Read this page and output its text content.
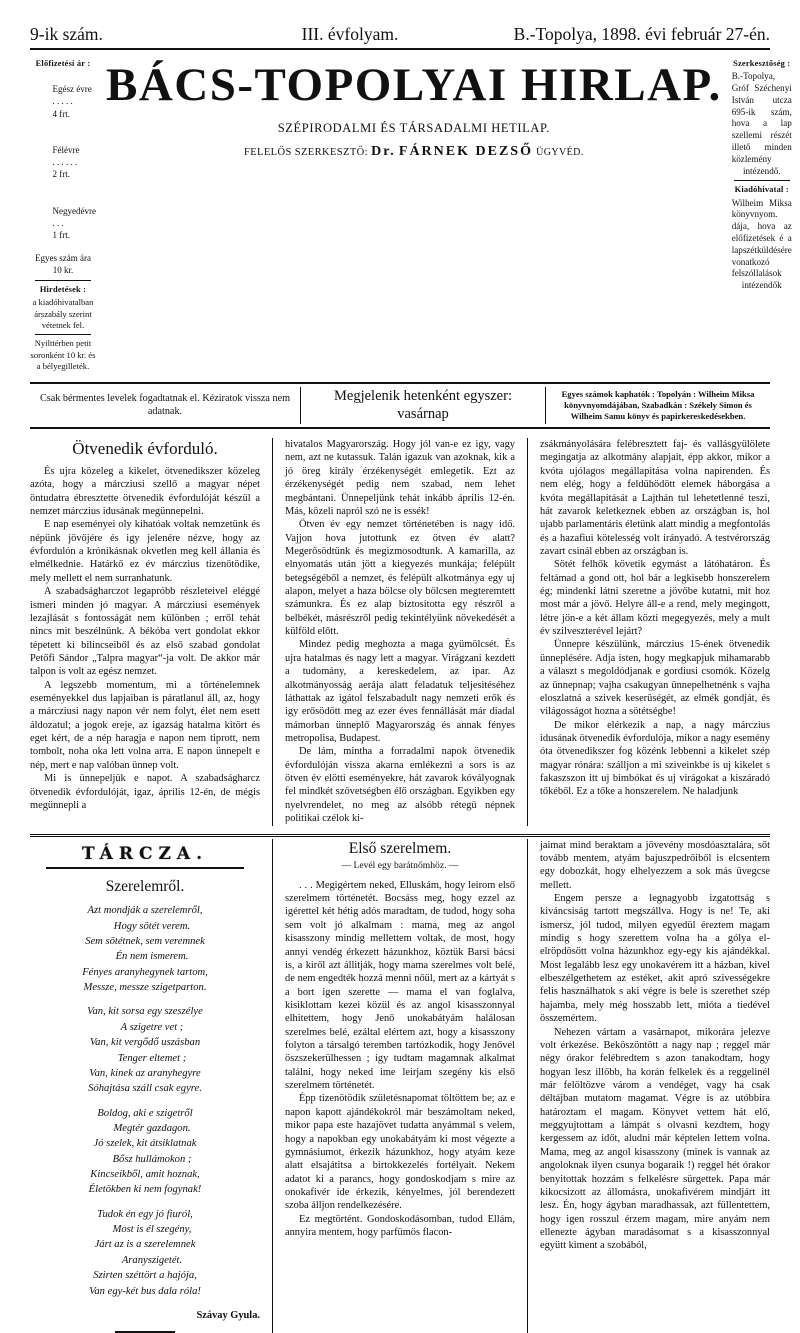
9-ik szám.	III. évfolyam.	B.-Topolya, 1898. évi február 27-én.
Előfizetési ár :

Egész évre
. . . . .
4 frt.

Félévre
. . . . . .
2 frt.

Negyedévre
. . .
1 frt.

Egyes szám ára 10 kr.
Hirdetések :
a kiadóhivatalban árszabály szerint vétetnek fel.
Nyilttérben petit soronként 10 kr. és a bélyegilleték.
BÁCS-TOPOLYAI HIRLAP.
SZÉPIRODALMI ÉS TÁRSADALMI HETILAP.
FELELŐS SZERKESZTŐ: Dr. FÁRNEK DEZSŐ ÜGYVÉD.
Szerkesztőség :
B.-Topolya, Gróf Széchenyi István utcza 695-ik szám, hova a lap szellemi részét illető minden közlemény intézendő.
Kiadóhivatal :
Wilheim Miksa könyvnyom. dája, hova az előfizetések é a lapszétküldésére vonatkozó felszóllalások intézendők
Csak bérmentes levelek fogadtatnak el. Kéziratok vissza nem adatnak.
Megjelenik hetenként egyszer:
vasárnap
Egyes számok kaphatók : Topolyán : Wilheim Miksa könyvnyomdájában, Szabadkán : Székely Simon és Wilheim Samu könyv és papirkereskedésekben.
Ötvenedik évforduló.

És ujra közeleg a kikelet, ötvenedikszer közeleg azóta, hogy a márcziusi szellő a magyar népet öntudatra ébresztette ötvenedik évfordulóját készül a nemzet márczius idusának megünnepelni.

E nap eseményei oly kihatóak voltak nemzetünk és népünk jövőjére és igy jelenére nézve, hogy az évfordulón a krónikásnak okvetlen meg kell állania és elmélkednie. Határkő ez év márczius tizenötödike, mely mellett el nem surranhatunk.

A szabadságharczot legapróbb részleteivel eléggé ismeri minden jó magyar. A márcziusi események lezajlását s fontosságát nem különben ; erről tehát nincs mit beszélnünk. A békóba vert gondolat ekkor tépetett ki bilincseiből és az első szabad gondolat Petőfi Sándor „Talpra magyar“-ja volt. De akkor már talpon is volt az egész nemzet.

A legszebb momentum, mi a történelemnek eseményekkel dus lapjaiban is páratlanul áll, az, hogy a márcziusi nagy napon vér nem folyt, élet nem esett áldozatul; a jogok ereje, az igazság hatalma kitört és eget kért, de a nép haragja e napon nem tiprott, nem tombolt, noha oka lett volna arra. E napon ünnepelt e nép, mert e nap valóban ünnep volt.

Mi is ünnepeljük e napot. A szabadságharcz ötvenedik évfordulóját, igaz, április 12-én, de mégis megünnepli a

hivatalos Magyarország. Hogy jól van-e ez igy, vagy nem, azt ne kutassuk. Talán igazuk van azoknak, kik a jó öreg király érzékenységét emlegetik. Ezt az érzékenységét pedig nem szabad, nem lehet megbántani. Ünnepeljünk tehát inkább április 12-én. Más, közeli napról szó ne is essék!

Ötven év egy nemzet történetében is nagy idő. Vajjon hova jutottunk ez ötven év alatt? Megerősödtünk és megizmosodtunk. A kamarilla, az elnyomatás után jött a kiegyezés munkája; felépült betegségéből a nemzet, és felépült alkotmánya egy uj alapon, melyet a haza bölcse oly bölcsen megteremtett számunkra. És ez alap biztositotta egy részről a belbékét, másrészről pedig tekintélyünk növekedését a külföld előtt.

Mindez pedig meghozta a maga gyümölcsét. És ujra hatalmas és nagy lett a magyar. Virágzani kezdett a tudomány, a kereskedelem, az ipar. Az alkotmányosság aerája alatt feladatuk teljesitéséhez láthattak az igátol felszabadult nagy nemzeti erők és igy erősödött meg az ezer éves fennállását már diadal mámorban ünneplő Magyarország és annak fényes metropolisa, Budapest.

De lám, mintha a forradalmi napok ötvenedik évfordulóján vissza akarna emlékezni a sors is az ötven év elötti eseményekre, hát zavarok kóvályognak fel mindkét szövetségben élő országban. Egyikben egy nyelvrendelet, no meg az alsóbb rétegü népnek politikai czélok ki-

zsákmányolására felébresztett faj- és vallásgyülölete megingatja az alkotmány alapjait, épp akkor, mikor a kvóta ujólagos megállapitása volna napirenden. És nem elég, hogy a feldühödött elemek háborgása a kvóta megállapitását a Lajthán tul lehetetlenné teszi, hát zavarok keletkeznek ebben az országban is, hol ujabb parlamentáris életünk alatt mindig a megfontolás és a hazafiui kötelesség volt irányadó. A testvérország zavart csinál ebben az országban is.

Sötét felhők követik egymást a látóhatáron. És feltámad a gond ott, hol bár a legkisebb honszerelem ég; mindenki látni szeretne a jövőbe kutatni, mit hoz most már a jövő. Helyre áll-e a rend, mely megingott, létre jön-e a két állam közti megegyezés, mely a mult év szilveszterével lejárt?

Ünnepre készülünk, márczius 15-ének ötvenedik ünneplésére. Adja isten, hogy megkapjuk mihamarabb a választ s megoldódjanak e gordiusi csomók. Közelg az ünnepnap; vajha csakugyan ünnepelhetnénk s vajha eloszlatná a szivek keserüségét, az elmék gondját, és világosságot hozna a sötétségbe!

De mikor elérkezik a nap, a nagy márczius idusának ötvenedik évfordulója, mikor a nagy esemény óta ötvenedikszer fog közénk lebbenni a kikelet szép magyar rónára: szálljon a mi sziveinkbe is uj kikelet s fakaszszon itt uj bimbókat és uj virágokat a kiszáradó tőkéből. Ez a tőke a honszerelem. Ne haladjunk

TÁRCZA.
Szerelemről.
Azt mondják a szerelemről,
Hogy sötét verem.
Sem sötétnek, sem veremnek
Én nem ismerem.
Fényes aranyhegynek tartom,
Messze, messze szigetparton.
Van, kit sorsa egy szeszélye
A szigetre vet ;
Van, kit vergődő uszásban
Tenger eltemet ;
Van, kinek az aranyhegyre
Sóhajtása száll csak egyre.
Boldog, aki e szigetről
Megtér gazdagon.
Jó szelek, kit átsiklatnak
Bősz hullámokon ;
Kincseikből, amit hoznak,
Életökben ki nem fogynak!
Tudok én egy jó fiuról,
Most is él szegény,
Járt az is a szerelemnek
Aranyszigetét.
Szirten széttört a hajója,
Van egy-két bus dala róla!
Szávay Gyula.
Első szerelmem.
— Levél egy barátnőmhöz. —

. . . Megigértem neked, Elluskám, hogy leirom első szerelmem történetét. Bocsáss meg, hogy ezzel az igérettel két hétig adós maradtam, de tudod, hogy soha sem volt jó alkalmam : mama, meg az angol kisasszony mindig mellettem voltak, de most, hogy annyi vendég érkezett házunkhoz, köztük Barsi bácsi is, a kiről azt állitják, hogy mama szerelmes volt belé, de nem engedték hozzá menni nőül, mert az a kártyát s a bort igen szerette — mama el van foglalva, kisiklottam kezei közül és az angol kisasszonnyal elhitettem, hogy Jenő unokabátyám halálosan szerelmes belé, ezáltal elértem azt, hogy a kisasszony folyton a társalgó teremben tartózkodik, hogy Jenővel öszszekerülhessen ; igy tudtam magamnak alkalmat találni, hogy neked ime leirjam szegény kis első szerelmem történetét.

Épp tizenötödik születésnapomat töltöttem be; az e napon kapott ajándékokról már beszámoltam neked, mikor papa este hazajövet tudatta anyámmal s velem, hogy a napokban egy unokabátyám ki most végezte a gymnásiumot, érkezik házunkhoz, hogy atyám keze alatt elsajátitsa a birtokkezelés fortélyait. Nekem adatot ki a parancs, hogy gondoskodjam s mire az onokafivér ide érkezik, kényelmes, jól berendezett szoba álljon rendelkezésére.

Ez megtörtént. Gondoskodásomban, tudod Ellám, annyira mentem, hogy parfümös flacon-

jaimat mind beraktam a jövevény mosdóasztalára, sőt tovább mentem, atyám bajuszpedrőiből is elcsentem egy dobozkát, hogy elhelyezzem a sok más üvegcse mellett.

Engem persze a legnagyobb izgatottság s kiváncsiság tartott megszállva. Hogy is ne! Te, aki ismersz, jól tudod, milyen egyedül éreztem magam mindig s hogy szerettem volna ha a gólya el-elröpdösött volna házunkhoz egy-egy kis ajándékkal. Most legalább lesz egy unokavérem itt a házban, kivel elbeszélgethetem az estéket, akit apró szivességekre felis használhatok s aki végre is bele is szerethet szép hajamba, mely még hosszabb lett, mióta a tiedével összemértem.

Nehezen vártam a vasárnapot, mikorára jelezve volt érkezése. Beköszöntött a nagy nap ; reggel már négy órakor felébredtem s azon tanakodtam, hogy hogyan lesz illőbb, ha korán felkelek és a reggelinél már felöltözve várom a vendéget, vagy ha csak déltájban mutatom magamat. Végre is az utóbbira határoztam el magam. Könyvet vettem hát elő, meggyujtottam a lámpát s olvasni kezdtem, hogy kergessem az időt, aludni már képtelen lettem volna. Mama, meg az angol kisasszony (minek is vannak az angoloknak ilyen csunya bogaraik !) reggel hét órakor benyitottak hozzám s felkelésre sürgettek. Papa már kikocsizott az állomásra, unokafivérem mindjárt itt lesz. Én, hogy ágyban maradhassak, azt füllentettem, hogy igen rosszul érzem magam, mire anyám nem ellenezte ágyban maradásomat s a kisasszonnyal együtt kiment a szobából,
